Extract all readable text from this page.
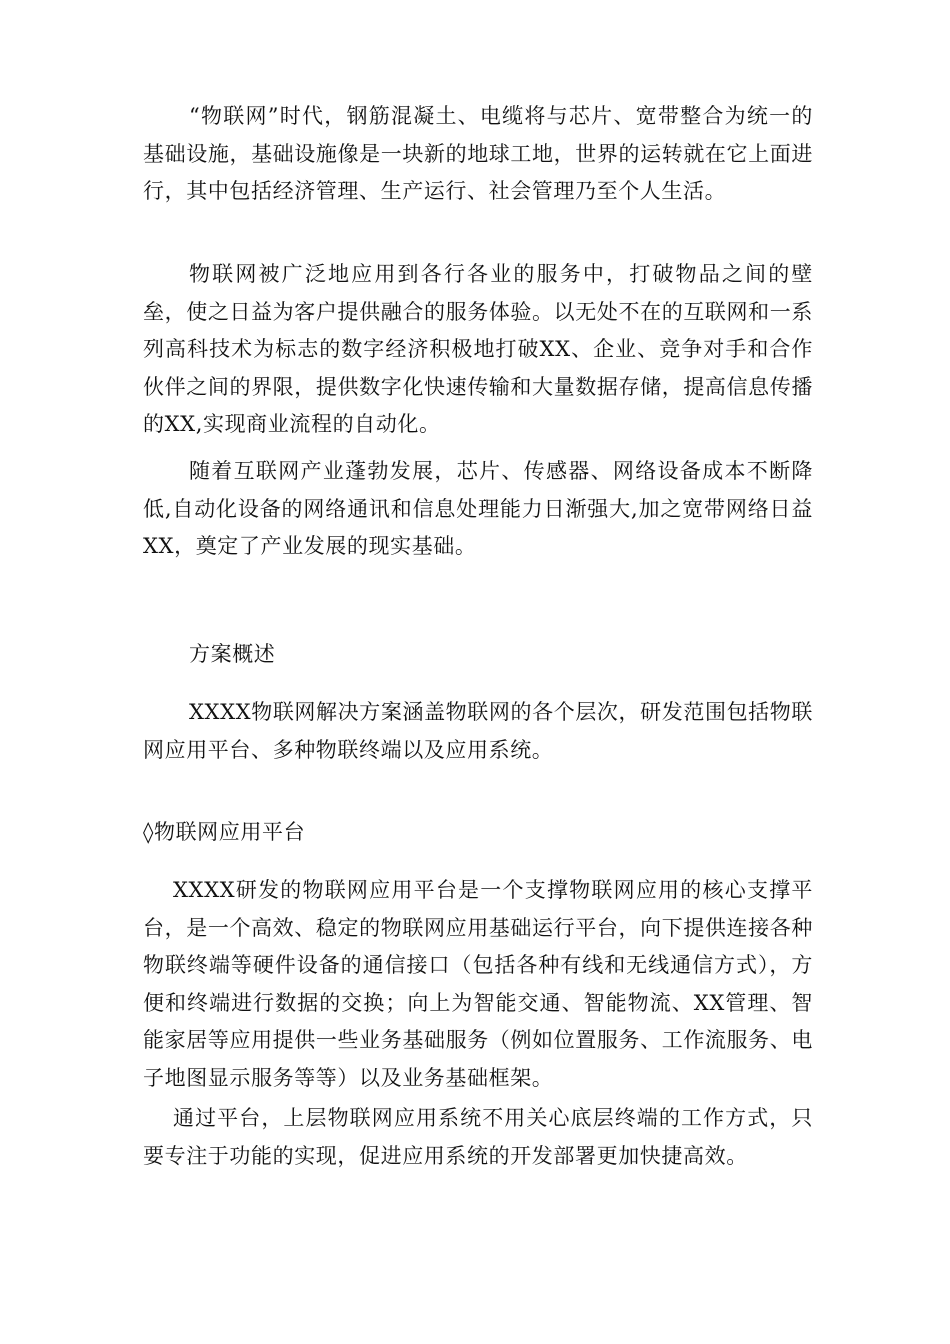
“物联网”时代，钢筋混凝土、电缆将与芯片、宽带整合为统一的基础设施，基础设施像是一块新的地球工地，世界的运转就在它上面进行，其中包括经济管理、生产运行、社会管理乃至个人生活。

物联网被广泛地应用到各行各业的服务中，打破物品之间的壁垒，使之日益为客户提供融合的服务体验。以无处不在的互联网和一系列高科技术为标志的数字经济积极地打破XX、企业、竞争对手和合作伙伴之间的界限，提供数字化快速传输和大量数据存储，提高信息传播的XX,实现商业流程的自动化。

随着互联网产业蓬勃发展，芯片、传感器、网络设备成本不断降低,自动化设备的网络通讯和信息处理能力日渐强大,加之宽带网络日益XX，奠定了产业发展的现实基础。

方案概述

XXXX物联网解决方案涵盖物联网的各个层次，研发范围包括物联网应用平台、多种物联终端以及应用系统。

◊物联网应用平台

XXXX研发的物联网应用平台是一个支撑物联网应用的核心支撑平台，是一个高效、稳定的物联网应用基础运行平台，向下提供连接各种物联终端等硬件设备的通信接口（包括各种有线和无线通信方式），方便和终端进行数据的交换；向上为智能交通、智能物流、XX管理、智能家居等应用提供一些业务基础服务（例如位置服务、工作流服务、电子地图显示服务等等）以及业务基础框架。

通过平台，上层物联网应用系统不用关心底层终端的工作方式，只要专注于功能的实现，促进应用系统的开发部署更加快捷高效。
